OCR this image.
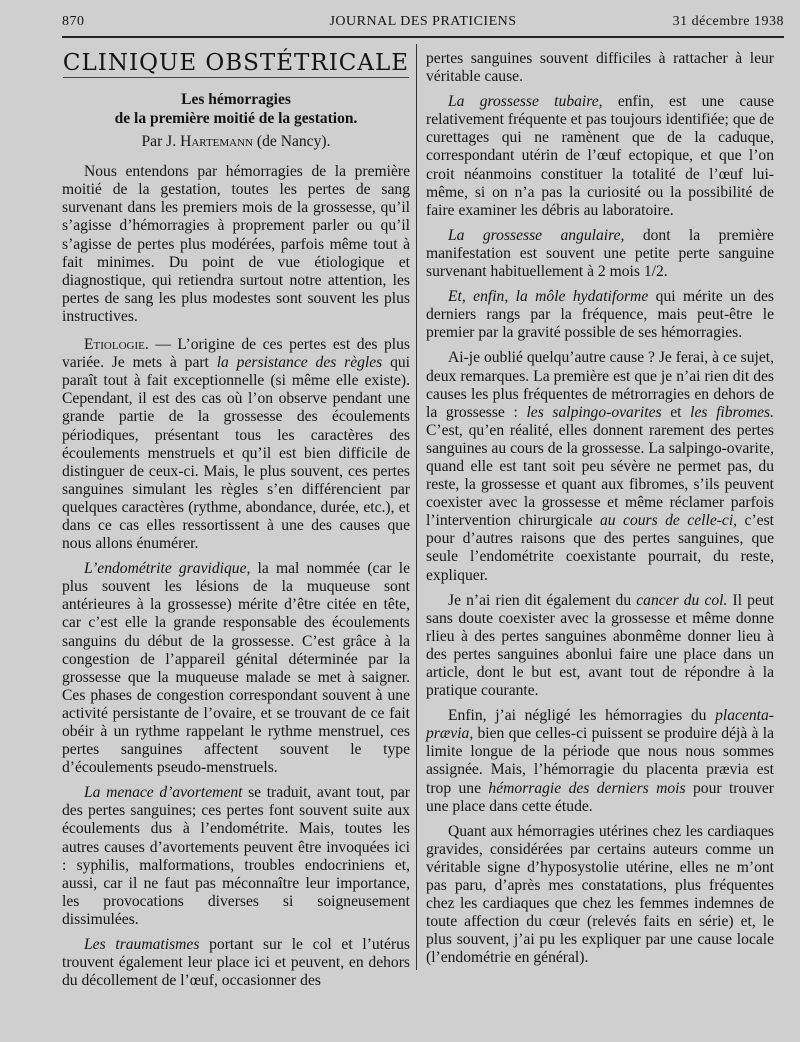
870	JOURNAL DES PRATICIENS	31 décembre 1938
CLINIQUE OBSTÉTRICALE

Les hémorragies

de la première moitié de la gestation.

Par J. Hartemann (de Nancy).

Nous entendons par hémorragies de la première moitié de la gestation, toutes les pertes de sang survenant dans les premiers mois de la grossesse, qu’il s’agisse d’hémorragies à proprement parler ou qu’il s’agisse de pertes plus modérées, parfois même tout à fait minimes. Du point de vue étiologique et diagnostique, qui retiendra surtout notre attention, les pertes de sang les plus modestes sont souvent les plus instructives.

Etiologie. — L’origine de ces pertes est des plus variée. Je mets à part la persistance des règles qui paraît tout à fait exceptionnelle (si même elle existe). Cependant, il est des cas où l’on observe pendant une grande partie de la grossesse des écoulements périodiques, présentant tous les caractères des écoulements menstruels et qu’il est bien difficile de distinguer de ceux-ci. Mais, le plus souvent, ces pertes sanguines simulant les règles s’en différencient par quelques caractères (rythme, abondance, durée, etc.), et dans ce cas elles ressortissent à une des causes que nous allons énumérer.

L’endométrite gravidique, la mal nommée (car le plus souvent les lésions de la muqueuse sont antérieures à la grossesse) mérite d’être citée en tête, car c’est elle la grande responsable des écoulements sanguins du début de la grossesse. C’est grâce à la congestion de l’appareil génital déterminée par la grossesse que la muqueuse malade se met à saigner. Ces phases de congestion correspondant souvent à une activité persistante de l’ovaire, et se trouvant de ce fait obéir à un rythme rappelant le rythme menstruel, ces pertes sanguines affectent souvent le type d’écoulements pseudo-menstruels.

La menace d’avortement se traduit, avant tout, par des pertes sanguines; ces pertes font souvent suite aux écoulements dus à l’endométrite. Mais, toutes les autres causes d’avortements peuvent être invoquées ici : syphilis, malformations, troubles endocriniens et, aussi, car il ne faut pas méconnaître leur importance, les provocations diverses si soigneusement dissimulées.

Les traumatismes portant sur le col et l’utérus trouvent également leur place ici et peuvent, en dehors du décollement de l’œuf, occasionner des

pertes sanguines souvent difficiles à rattacher à leur véritable cause.

La grossesse tubaire, enfin, est une cause relativement fréquente et pas toujours identifiée; que de curettages qui ne ramènent que de la caduque, correspondant utérin de l’œuf ectopique, et que l’on croit néanmoins constituer la totalité de l’œuf lui-même, si on n’a pas la curiosité ou la possibilité de faire examiner les débris au laboratoire.

La grossesse angulaire, dont la première manifestation est souvent une petite perte sanguine survenant habituellement à 2 mois 1/2.

Et, enfin, la môle hydatiforme qui mérite un des derniers rangs par la fréquence, mais peut-être le premier par la gravité possible de ses hémorragies.

Ai-je oublié quelqu’autre cause ? Je ferai, à ce sujet, deux remarques. La première est que je n’ai rien dit des causes les plus fréquentes de métrorragies en dehors de la grossesse : les salpingo-ovarites et les fibromes. C’est, qu’en réalité, elles donnent rarement des pertes sanguines au cours de la grossesse. La salpingo-ovarite, quand elle est tant soit peu sévère ne permet pas, du reste, la grossesse et quant aux fibromes, s’ils peuvent coexister avec la grossesse et même réclamer parfois l’intervention chirurgicale au cours de celle-ci, c’est pour d’autres raisons que des pertes sanguines, que seule l’endométrite coexistante pourrait, du reste, expliquer.

Je n’ai rien dit également du cancer du col. Il peut sans doute coexister avec la grossesse et même donne rlieu à des pertes sanguines abonmême donner lieu à des pertes sanguines abonlui faire une place dans un article, dont le but est, avant tout de répondre à la pratique courante.

Enfin, j’ai négligé les hémorragies du placenta-prævia, bien que celles-ci puissent se produire déjà à la limite longue de la période que nous nous sommes assignée. Mais, l’hémorragie du placenta prævia est trop une hémorragie des derniers mois pour trouver une place dans cette étude.

Quant aux hémorragies utérines chez les cardiaques gravides, considérées par certains auteurs comme un véritable signe d’hyposystolie utérine, elles ne m’ont pas paru, d’après mes constatations, plus fréquentes chez les cardiaques que chez les femmes indemnes de toute affection du cœur (relevés faits en série) et, le plus souvent, j’ai pu les expliquer par une cause locale (l’endométrie en général).
